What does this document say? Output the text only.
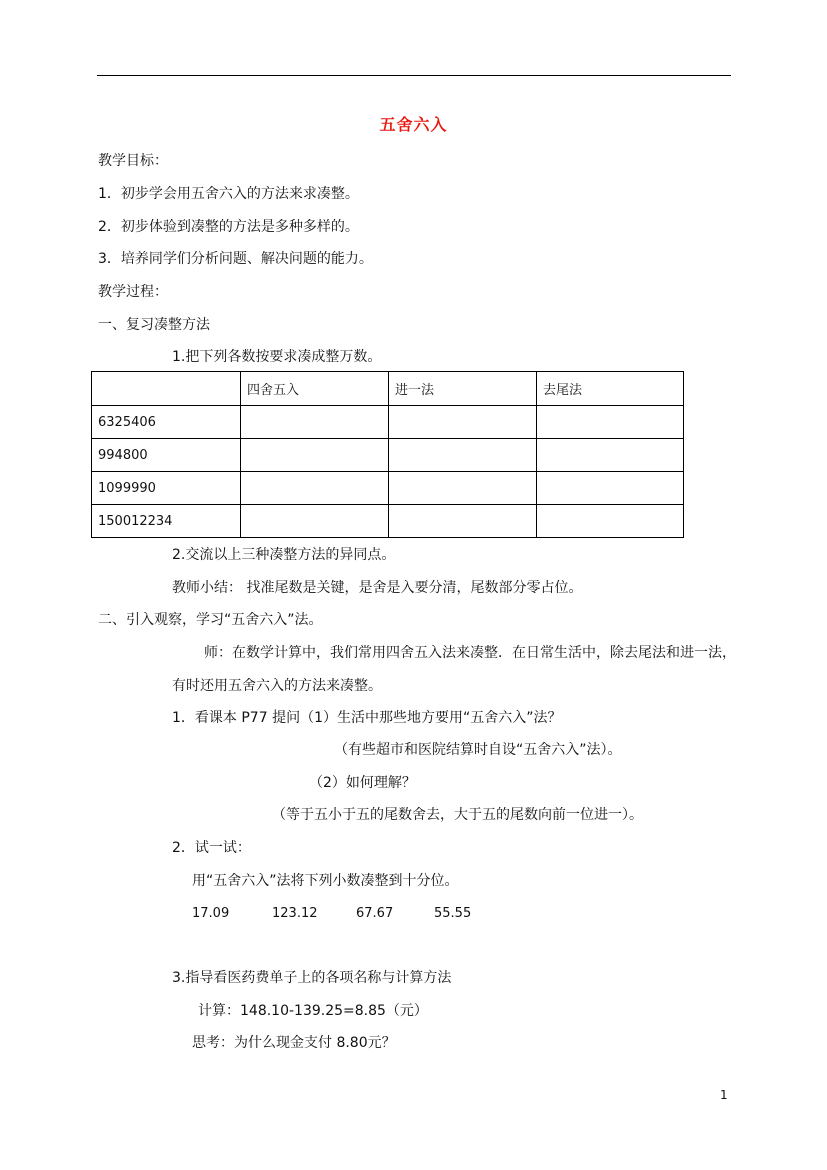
五舍六入
教学目标：
1．初步学会用五舍六入的方法来求凑整。
2．初步体验到凑整的方法是多种多样的。
3．培养同学们分析问题、解决问题的能力。
教学过程：
一、复习凑整方法
1.把下列各数按要求凑成整万数。
	四舍五入	进一法	去尾法
6325406			
994800			
1099990			
150012234			
2.交流以上三种凑整方法的异同点。
教师小结： 找准尾数是关键，是舍是入要分清，尾数部分零占位。
二、引入观察，学习“五舍六入”法。
师：在数学计算中，我们常用四舍五入法来凑整．在日常生活中，除去尾法和进一法，
有时还用五舍六入的方法来凑整。
1．看课本 P77 提问（1）生活中那些地方要用“五舍六入”法？
（有些超市和医院结算时自设“五舍六入”法）。
（2）如何理解？
（等于五小于五的尾数舍去，大于五的尾数向前一位进一）。
2．试一试：
用“五舍六入”法将下列小数凑整到十分位。
17.09	123.12	67.67	55.55
3.指导看医药费单子上的各项名称与计算方法
计算：148.10-139.25=8.85（元）
思考：为什么现金支付 8.80元？
1
